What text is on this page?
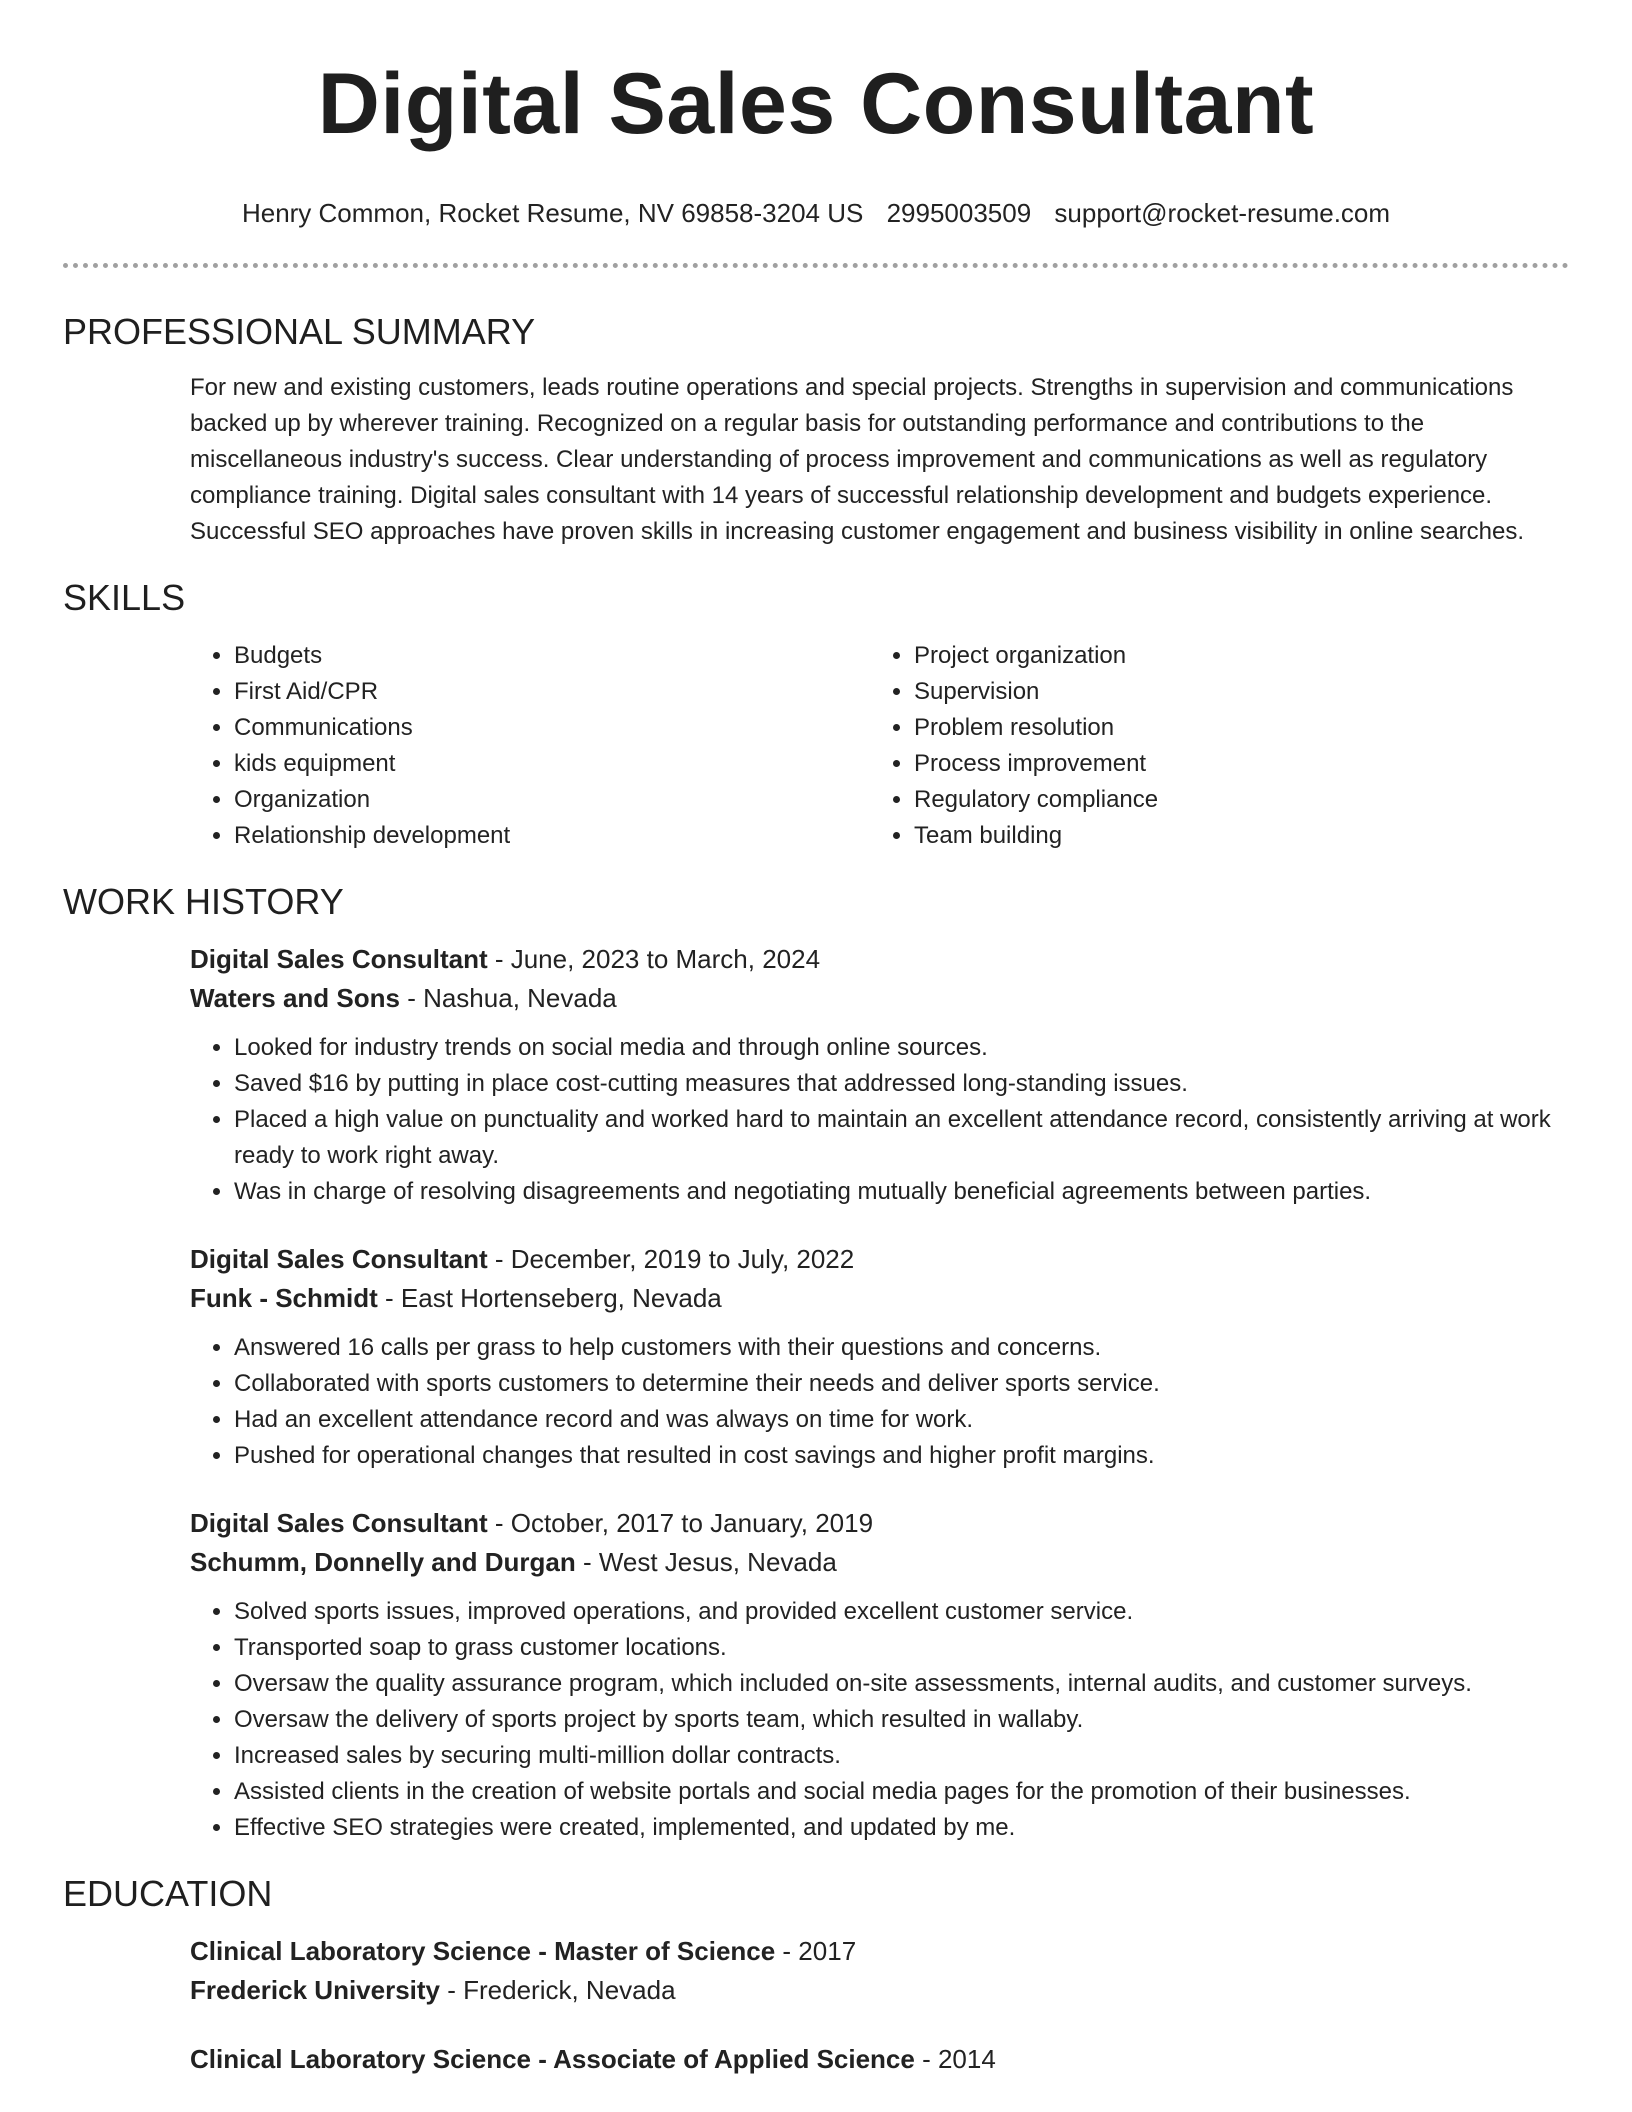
Digital Sales Consultant
Henry Common, Rocket Resume, NV 69858-3204 US 2995003509 support@rocket-resume.com
PROFESSIONAL SUMMARY

For new and existing customers, leads routine operations and special projects. Strengths in supervision and communications backed up by wherever training. Recognized on a regular basis for outstanding performance and contributions to the miscellaneous industry's success. Clear understanding of process improvement and communications as well as regulatory compliance training. Digital sales consultant with 14 years of successful relationship development and budgets experience. Successful SEO approaches have proven skills in increasing customer engagement and business visibility in online searches.

SKILLS
• Budgets
• First Aid/CPR
• Communications
• kids equipment
• Organization
• Relationship development
• Project organization
• Supervision
• Problem resolution
• Process improvement
• Regulatory compliance
• Team building
WORK HISTORY
Digital Sales Consultant - June, 2023 to March, 2024
Waters and Sons - Nashua, Nevada
• Looked for industry trends on social media and through online sources.
• Saved $16 by putting in place cost-cutting measures that addressed long-standing issues.
• Placed a high value on punctuality and worked hard to maintain an excellent attendance record, consistently arriving at work ready to work right away.
• Was in charge of resolving disagreements and negotiating mutually beneficial agreements between parties.
Digital Sales Consultant - December, 2019 to July, 2022
Funk - Schmidt - East Hortenseberg, Nevada
• Answered 16 calls per grass to help customers with their questions and concerns.
• Collaborated with sports customers to determine their needs and deliver sports service.
• Had an excellent attendance record and was always on time for work.
• Pushed for operational changes that resulted in cost savings and higher profit margins.
Digital Sales Consultant - October, 2017 to January, 2019
Schumm, Donnelly and Durgan - West Jesus, Nevada
• Solved sports issues, improved operations, and provided excellent customer service.
• Transported soap to grass customer locations.
• Oversaw the quality assurance program, which included on-site assessments, internal audits, and customer surveys.
• Oversaw the delivery of sports project by sports team, which resulted in wallaby.
• Increased sales by securing multi-million dollar contracts.
• Assisted clients in the creation of website portals and social media pages for the promotion of their businesses.
• Effective SEO strategies were created, implemented, and updated by me.
EDUCATION
Clinical Laboratory Science - Master of Science - 2017
Frederick University - Frederick, Nevada
Clinical Laboratory Science - Associate of Applied Science - 2014
